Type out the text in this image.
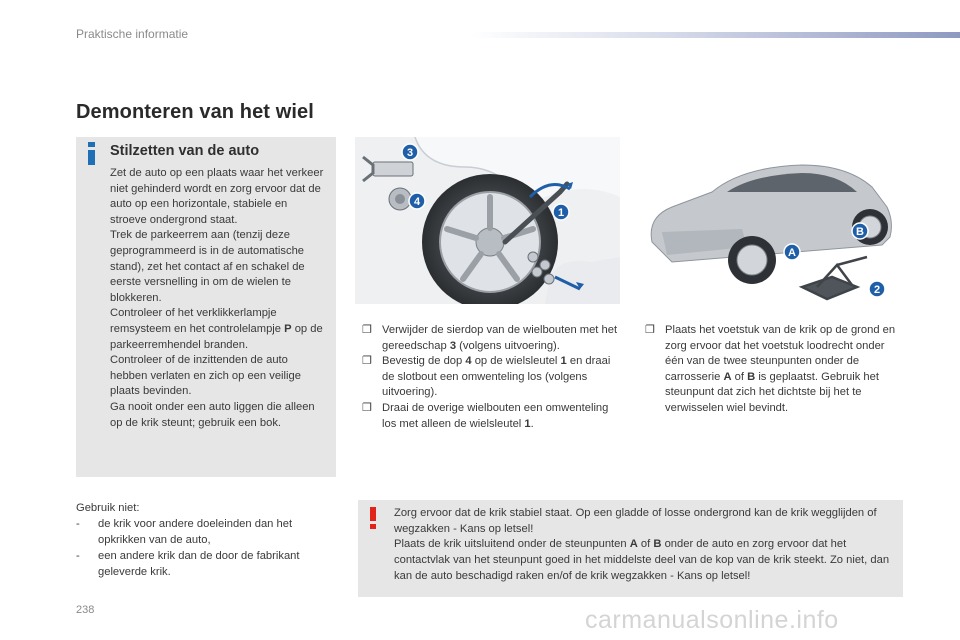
Praktische informatie
Demonteren van het wiel
Stilzetten van de auto

Zet de auto op een plaats waar het verkeer niet gehinderd wordt en zorg ervoor dat de auto op een horizontale, stabiele en stroeve ondergrond staat.

Trek de parkeerrem aan (tenzij deze geprogrammeerd is in de automatische stand), zet het contact af en schakel de eerste versnelling in om de wielen te blokkeren.

Controleer of het verklikkerlampje remsysteem en het controlelampje P op de parkeerremhendel branden.

Controleer of de inzittenden de auto hebben verlaten en zich op een veilige plaats bevinden.

Ga nooit onder een auto liggen die alleen op de krik steunt; gebruik een bok.

Gebruik niet:
-	de krik voor andere doeleinden dan het opkrikken van de auto,
-	een andere krik dan de door de fabrikant geleverde krik.
1
3
4
A
B
2
❐ Verwijder de sierdop van de wielbouten met het gereedschap 3 (volgens uitvoering).
❐ Bevestig de dop 4 op de wielsleutel 1 en draai de slotbout een omwenteling los (volgens uitvoering).
❐ Draai de overige wielbouten een omwenteling los met alleen de wielsleutel 1.
❐ Plaats het voetstuk van de krik op de grond en zorg ervoor dat het voetstuk loodrecht onder één van de twee steunpunten onder de carrosserie A of B is geplaatst. Gebruik het steunpunt dat zich het dichtste bij het te verwisselen wiel bevindt.

Zorg ervoor dat de krik stabiel staat. Op een gladde of losse ondergrond kan de krik wegglijden of wegzakken - Kans op letsel!

Plaats de krik uitsluitend onder de steunpunten A of B onder de auto en zorg ervoor dat het contactvlak van het steunpunt goed in het middelste deel van de kop van de krik steekt. Zo niet, dan kan de auto beschadigd raken en/of de krik wegzakken - Kans op letsel!

238	carmanualsonline.info
